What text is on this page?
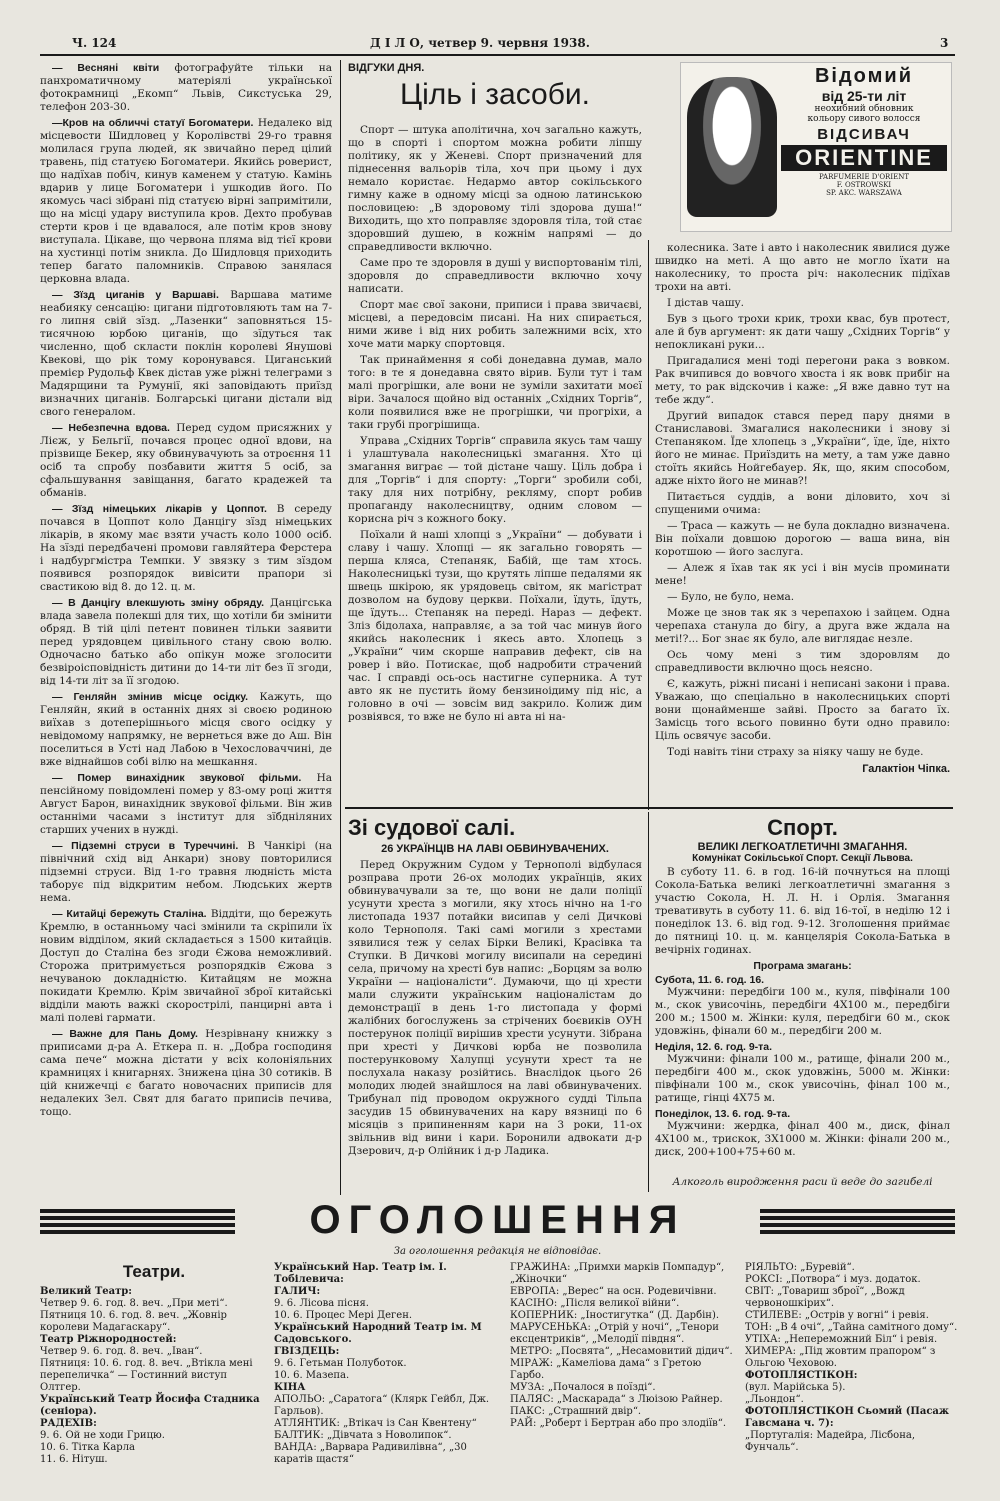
Ч. 124	Д І Л О, четвер 9. червня 1938.	3

— Весняні квіти фотографуйте тільки на панхроматичному матеріялі української фотокрамниці „Екомп“ Львів, Сикстуська 29, телефон 203-30.

—Кров на обличчі статуї Богоматери. Недалеко від місцевости Шидловец у Королівстві 29-го травня молилася група людей, як звичайно перед цілий травень, під статуєю Богоматери. Якийсь роверист, що надїхав побіч, кинув каменем у статую. Камінь вдарив у лице Богоматери і ушкодив його. По якомусь часі зібрані під статуєю вірні запримітили, що на місці удару виступила кров. Дехто пробував стерти кров і це вдавалося, але потім кров знову виступала. Цікаве, що червона пляма від тієї крови на хустинці потім зникла. До Шидловця приходить тепер багато паломників. Справою занялася церковна влада.

— Зїзд циганів у Варшаві. Варшава матиме неабияку сенсацію: цигани підготовляють там на 7-го липня свій зїзд. „Лазенки“ заповняться 15-тисячною юрбою циганів, що зїдуться так численно, щоб скласти поклін королеві Янушові Квекові, що рік тому коронувався. Циганський премієр Рудольф Квек дістав уже ріжні телеграми з Мадярщини та Румунії, які заповідають приїзд визначних циганів. Болгарські цигани дістали від свого генералом.

— Небезпечна вдова. Перед судом присяжних у Лієж, у Бельгії, почався процес одної вдови, на прізвище Бекер, яку обвинувачують за отроєння 11 осіб та спробу позбавити життя 5 осіб, за сфальшування завіщання, багато крадежей та обманів.

— Зїзд німецьких лікарів у Цоппот. В середу почався в Цоппот коло Данцігу зїзд німецьких лікарів, в якому має взяти участь коло 1000 осіб. На зїзді передбачені промови гавляйтера Ферстера і надбургмістра Темпки. У звязку з тим зїздом появився розпорядок вивісити прапори зі свастикою від 8. до 12. ц. м.

— В Данцігу влекшують зміну обряду. Данцігська влада завела полекші для тих, що хотіли би змінити обряд. В тій цілі петент повинен тільки заявити перед урядовцем цивільного стану свою волю. Одночасно батько або опікун може зголосити безвіроісповідність дитини до 14-ти літ без її згоди, від 14-ти літ за її згодою.

— Генляйн змінив місце осідку. Кажуть, що Генляйн, який в останніх днях зі своєю родиною виїхав з дотеперішнього місця свого осідку у невідомому напрямку, не вернеться вже до Аш. Він поселиться в Усті над Лабою в Чехословаччині, де вже віднайшов собі вілю на мешкання.

— Помер винахідник звукової фільми. На пенсійному повідомлені помер у 83-ому році життя Август Барон, винахідник звукової фільми. Він жив останніми часами з інститут для зїбдніляних старших учених в нужді.

— Підземні струси в Туреччині. В Чанкірі (на північний схід від Анкари) знову повторилися підземні струси. Від 1-го травня людність міста таборує під відкритим небом. Людських жертв нема.

— Китайці бережуть Сталіна. Віддіти, що бережуть Кремлю, в останньому часі змінили та скріпили їх новим відділом, який складається з 1500 китайців. Доступ до Сталіна без згоди Єжова неможливий. Сторожа притримується розпорядків Єжова з нечуваною докладністю. Китайцям не можна покидати Кремлю. Крім звичайної зброї китайські відділи мають важкі скорострілі, панцирні авта і малі полеві гармати.

— Важне для Пань Дому. Незрівнану книжку з приписами д-ра А. Еткера п. н. „Добра господиня сама печe“ можна дістати у всіх колоніяльних крамницях і книгарнях. Знижена ціна 30 сотиків. В цій книжечці є багато новочасних приписів для недалеких Зел. Свят для багато приписів печива, тощо.

ВІДГУКИ ДНЯ.
Ціль і засоби.

Спорт — штука аполітична, хоч загально кажуть, що в спорті і спортом можна робити ліпшу політику, як у Женеві. Спорт призначений для піднесення вальорів тіла, хоч при цьому і дух немало користає. Недармо автор сокільського гимну каже в одному місці за одною латинською пословицею: „В здоровому тілі здорова душа!“ Виходить, що хто поправляє здоровля тіла, той стає здоровший душею, в кожнім напрямі — до справедливости включно.

Саме про те здоровля в душі у виспортованім тілі, здоровля до справедливости включно хочу написати.

Спорт має свої закони, приписи і права звичаєві, місцеві, а передовсім писані. На них спирається, ними живе і від них робить залежними всіх, хто хоче мати марку спортовця.

Так принаймення я собі донедавна думав, мало того: в те я донедавна свято вірив. Були тут і там малі прогрішки, але вони не зуміли захитати моєї віри. Зачалося щойно від останніх „Східних Торгів“, коли появилися вже не прогрішки, чи прогріхи, а таки грубі прогрішища.

Управа „Східних Торгів“ справила якусь там чашу і улаштувала наколесницькі змагання. Хто ці змагання виграє — той дістане чашу. Ціль добра і для „Торгів“ і для спорту: „Торги“ зробили собі, таку для них потрібну, рекляму, спорт робив пропаганду наколесництву, одним словом — корисна річ з кожного боку.

Поїхали й наші хлопці з „України“ — добувати і славу і чашу. Хлопці — як загально говорять — перша кляса, Степаняк, Бабій, ще там хтось. Наколесницькі тузи, що крутять ліпше педалями як швець шкірою, як урядовець світом, як магістрат дозволом на будову церкви. Поїхали, їдуть, їдуть, ще їдуть... Степаняк на переді. Нараз — дефект. Зліз бідолаха, направляє, а за той час минув його якийсь наколесник і якесь авто. Хлопець з „України“ чим скорше направив дефект, сів на ровер і вйо. Потискає, щоб надробити страчений час. І справді ось-ось настигне суперника. А тут авто як не пустить йому бензиноідиму під ніс, а головно в очі — зовсім вид закрило. Колиж дим розвіявся, то вже не було ні авта ні на-

Відомий
від 25-ти літ
неохибний обновник
кольору сивого волосся
ВІДСИВАЧ
ORIENTINE
PARFUMERIE D'ORIENT
F. OSTROWSKI
SP. AKC. WARSZAWA

колесника. Зате і авто і наколесник явилися дуже швидко на меті. А що авто не могло їхати на наколеснику, то проста річ: наколесник підїхав трохи на авті.

І дістав чашу.

Був з цього трохи крик, трохи квас, був протест, але й був аргумент: як дати чашу „Східних Торгів“ у непокликані руки...

Пригадалися мені тоді перегони рака з вовком. Рак вчипився до вовчого хвоста і як вовк прибіг на мету, то рак відскочив і каже: „Я вже давно тут на тебе жду“.

Другий випадок стався перед пару днями в Станиславові. Змагалися наколесники і знову зі Степаняком. Їде хлопець з „України“, їде, їде, ніхто його не минає. Приїздить на мету, а там уже давно стоїть якийсь Нойгебауер. Як, що, яким способом, адже ніхто його не минав?!

Питається суддів, а вони діловито, хоч зі спущеними очима:

— Траса — кажуть — не була докладно визначена. Він поїхали довшою дорогою — ваша вина, він коротшою — його заслуга.

— Алеж я їхав так як усі і він мусів проминати мене!

— Було, не було, нема.

Може це знов так як з черепахою і зайцем. Одна черепаха станула до бігу, а друга вже ждала на меті!?... Бог знає як було, але виглядає незле.

Ось чому мені з тим здоровлям до справедливости включно щось неясно.

Є, кажуть, ріжні писані і неписані закони і права. Уважаю, що спеціально в наколесницьких спорті вони щонайменше зайві. Просто за багато їх. Замісць того всього повинно бути одно правило: Ціль освячує засоби.

Тоді навіть тіни страху за ніяку чашу не будe.

Галактіон Чіпка.
Зі судової салі.
26 УКРАЇНЦІВ НА ЛАВІ ОБВИНУВАЧЕНИХ.

Перед Окружним Судом у Тернополі відбулася розправа проти 26-ох молодих українців, яких обвинувачували за те, що вони не дали поліції усунути хреста з могили, яку хтось нічно на 1-го листопада 1937 потайки висипав у селі Дичкові коло Тернополя. Такі самі могили з хрестами зявилися теж у селах Бірки Великі, Красівка та Ступки. В Дичкові могилу висипали на середині села, причому на хресті був напис: „Борцям за волю України — націоналісти“. Думаючи, що ці хрести мали служити українським націоналістам до демонстрації в день 1-го листопада у формі жалібних богослужень за стрічених боєвиків ОУН постерунок поліції вирішив хрести усунути. Зібрана при хресті у Дичкові юрба не позволила постерунковому Халупці усунути хрест та не послухала наказу розійтись. Внаслідок цього 26 молодих людей знайшлося на лаві обвинувачених. Трибунал під проводом окружного судді Тільпа засудив 15 обвинувачених на кару вязниці по 6 місяців з припиненням кари на 3 роки, 11-ох звільнив від вини і кари. Боронили адвокати д-р Дзерович, д-р Олійник і д-р Ладика.

Спорт.
ВЕЛИКІ ЛЕГКОАТЛЕТИЧНІ ЗМАГАННЯ.
Комунікат Сокільської Спорт. Секції Львова.

В суботу 11. 6. в год. 16-ій почнуться на площі Сокола-Батька великі легкоатлетичні змагання з участю Сокола, Н. Л. Н. і Орлія. Змагання тревативуть в суботу 11. 6. від 16-тої, в неділю 12 і понеділок 13. 6. від год. 9-12. Зголошення приймає до пятниці 10. ц. м. канцелярія Сокола-Батька в вечірніх годинах.

Програма змагань:
Субота, 11. 6. год. 16.

Мужчини: передбіги 100 м., куля, півфінали 100 м., скок увисочінь, передбіги 4Х100 м., передбіги 200 м.; 1500 м. Жінки: куля, передбіги 60 м., скок удовжінь, фінали 60 м., передбіги 200 м.

Неділя, 12. 6. год. 9-та.

Мужчини: фінали 100 м., ратище, фінали 200 м., передбіги 400 м., скок удовжінь, 5000 м. Жінки: півфінали 100 м., скок увисочінь, фінал 100 м., ратище, гінці 4Х75 м.

Понеділок, 13. 6. год. 9-та.

Мужчини: жердка, фінал 400 м., диск, фінал 4Х100 м., трискок, 3Х1000 м. Жінки: фінали 200 м., диск, 200+100+75+60 м.

Алкоголь виродження раси й веде до загибелі
ОГОЛОШЕННЯ
За оголошення редакція не відповідає.
Театри.

Великий Театр:

Четвер 9. 6. год. 8. веч. „При меті“.

Пятниця 10. 6. год. 8. веч. „Жовнір королеви Мадагаскару“.

Театр Ріжнородностей:

Четвер 9. 6. год. 8. веч. „Іван“.

Пятниця: 10. 6. год. 8. веч. „Втікла мені перепеличка“ — Гостинний виступ Олтгер.

Український Театр Йосифа Стадника (сеніора).

РАДЕХІВ:

9. 6. Ой не ходи Грицю.

10. 6. Тітка Карла

11. 6. Нітуш.

Український Нар. Театр ім. І. Тобілевича:

ГАЛИЧ:

9. 6. Лісова пісня.

10. 6. Процес Мері Деген.

Український Народний Театр ім. М Садовського.

ГВІЗДЕЦЬ:

9. 6. Гетьман Полуботок.

10. 6. Мазепа.

КІНА

АПОЛЬО: „Саратога“ (Клярк Гейбл, Дж. Гарльов).

АТЛЯНТИК: „Втікач із Сан Квентену“

БАЛТИК: „Дівчата з Новолипок“.

ВАНДА: „Варвара Радивилівна“, „30 каратів щастя“

ГРАЖИНА: „Примхи марків Помпадур“, „Жіночки“

ЕВРОПА: „Верес“ на осн. Родевичівни.

КАСІНО: „Після великої війни“.

КОПЕРНИК: „Іностигутка“ (Д. Дарбін).

МАРУСЕНЬКА: „Отрій у ночі“, „Тенори ексцентриків“, „Мелодії півдня“.

МЕТРО: „Посвята“, „Несамовитий дідич“.

МІРАЖ: „Камеліова дама“ з Гретою Гарбо.

МУЗА: „Почалося в поїзді“.

ПАЛЯС: „Маскарада“ з Люізою Райнер.

ПАКС: „Страшний двір“.

РАЙ: „Роберт і Бертран або про злодіїв“.

РІЯЛЬТО: „Буревій“.

РОКСІ: „Потвора“ і муз. додаток.

СВІТ: „Товариш зброї“, „Вожд червоношкірих“.

СТИЛЕВЕ: „Острів у вогні“ і ревія.

ТОН: „В 4 очі“, „Тайна самітного дому“.

УТІХА: „Непереможний Біл“ і ревія.

ХИМЕРА: „Під жовтим прапором“ з Ольгою Чеховою.

ФОТОПЛЯСТІКОН:

(вул. Марійська 5).

„Льондон“.

ФОТОПЛЯСТІКОН Сьомий (Пасаж Гавсмана ч. 7):

„Португалія: Мадейра, Лісбона, Фунчаль“.
